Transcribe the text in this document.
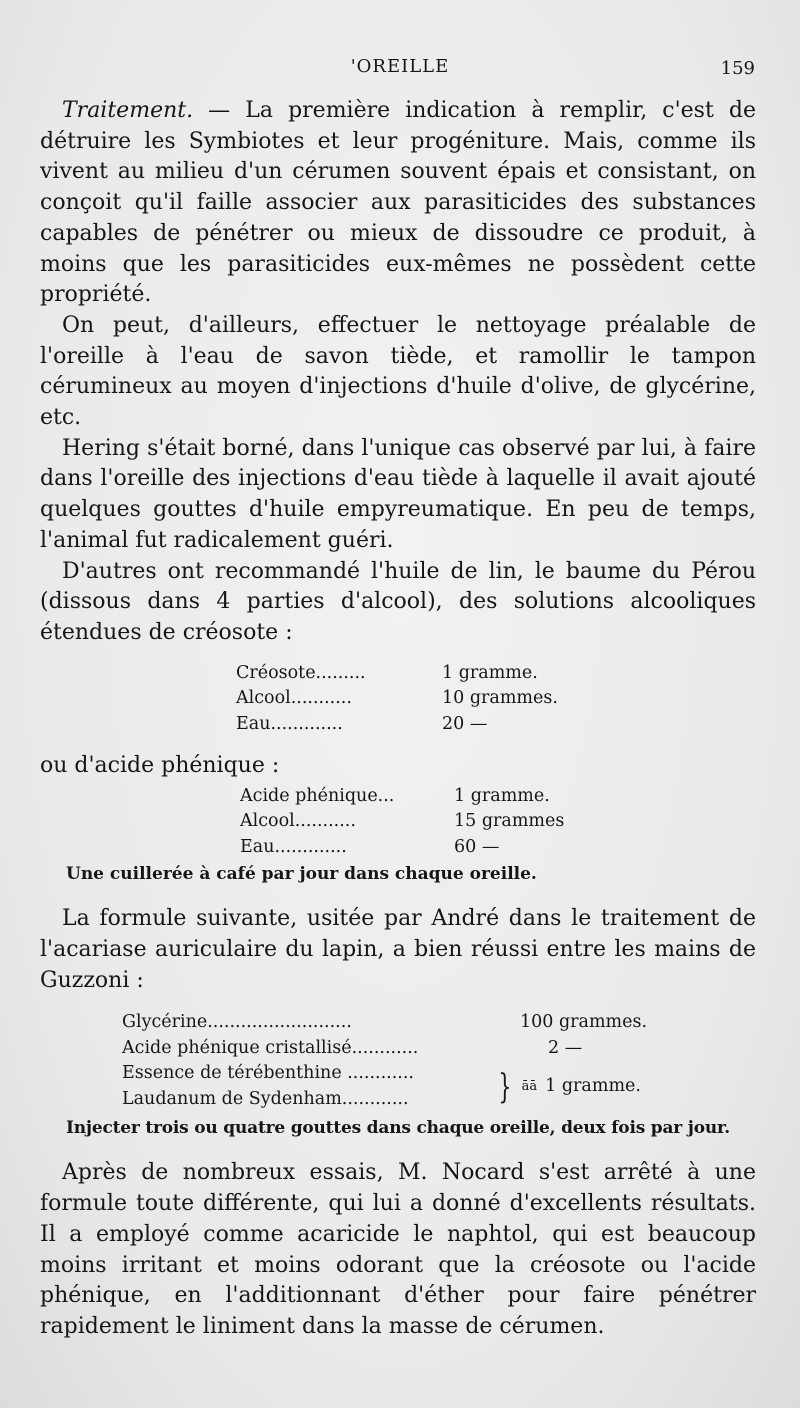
'OREILLE	159

Traitement. — La première indication à remplir, c'est de détruire les Symbiotes et leur progéniture. Mais, comme ils vivent au milieu d'un cérumen souvent épais et consistant, on conçoit qu'il faille associer aux parasiticides des substances capables de pénétrer ou mieux de dissoudre ce produit, à moins que les parasiticides eux-mêmes ne possèdent cette propriété.

On peut, d'ailleurs, effectuer le nettoyage préalable de l'oreille à l'eau de savon tiède, et ramollir le tampon cérumineux au moyen d'injections d'huile d'olive, de glycérine, etc.

Hering s'était borné, dans l'unique cas observé par lui, à faire dans l'oreille des injections d'eau tiède à laquelle il avait ajouté quelques gouttes d'huile empyreumatique. En peu de temps, l'animal fut radicalement guéri.

D'autres ont recommandé l'huile de lin, le baume du Pérou (dissous dans 4 parties d'alcool), des solutions alcooliques étendues de créosote :

Créosote.........	1 gramme.
Alcool...........	10 grammes.
Eau.............	20 —

ou d'acide phénique :

Acide phénique...	1 gramme.
Alcool...........	15 grammes
Eau.............	60 —
Une cuillerée à café par jour dans chaque oreille.

La formule suivante, usitée par André dans le traitement de l'acariase auriculaire du lapin, a bien réussi entre les mains de Guzzoni :

Glycérine..........................	100 grammes.
Acide phénique cristallisé............	2 —
Essence de térébenthine ............
Laudanum de Sydenham............	} āā 1 gramme.
Injecter trois ou quatre gouttes dans chaque oreille, deux fois par jour.

Après de nombreux essais, M. Nocard s'est arrêté à une formule toute différente, qui lui a donné d'excellents résultats. Il a employé comme acaricide le naphtol, qui est beaucoup moins irritant et moins odorant que la créosote ou l'acide phénique, en l'additionnant d'éther pour faire pénétrer rapidement le liniment dans la masse de cérumen.
